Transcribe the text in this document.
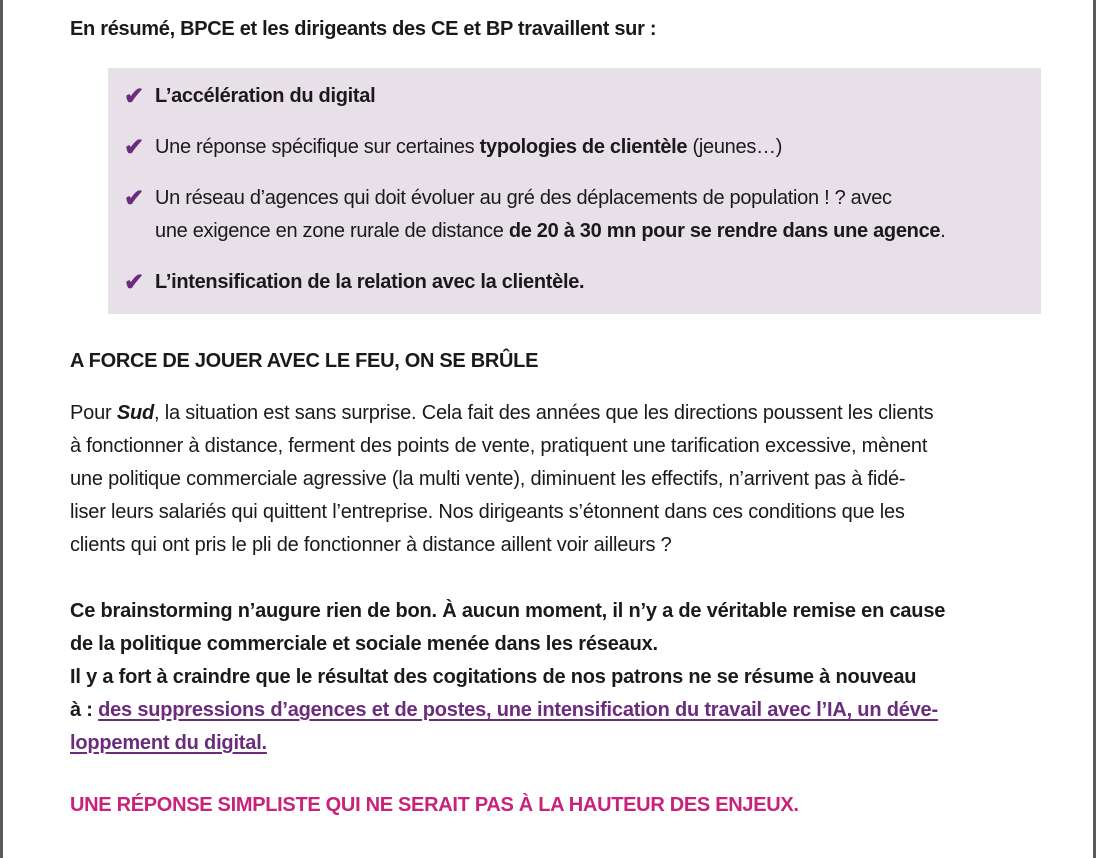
En résumé, BPCE et les dirigeants des CE et BP travaillent sur :
✔ L’accélération du digital
✔ Une réponse spécifique sur certaines typologies de clientèle (jeunes…)
✔ Un réseau d’agences qui doit évoluer au gré des déplacements de population ! ? avec
une exigence en zone rurale de distance de 20 à 30 mn pour se rendre dans une agence.
✔ L’intensification de la relation avec la clientèle.
A FORCE DE JOUER AVEC LE FEU, ON SE BRÛLE
Pour Sud, la situation est sans surprise. Cela fait des années que les directions poussent les clients
à fonctionner à distance, ferment des points de vente, pratiquent une tarification excessive, mènent
une politique commerciale agressive (la multi vente), diminuent les effectifs, n’arrivent pas à fidé-
liser leurs salariés qui quittent l’entreprise. Nos dirigeants s’étonnent dans ces conditions que les
clients qui ont pris le pli de fonctionner à distance aillent voir ailleurs ?
Ce brainstorming n’augure rien de bon. À aucun moment, il n’y a de véritable remise en cause
de la politique commerciale et sociale menée dans les réseaux.
Il y a fort à craindre que le résultat des cogitations de nos patrons ne se résume à nouveau
à : des suppressions d’agences et de postes, une intensification du travail avec l’IA, un déve-
loppement du digital.
UNE RÉPONSE SIMPLISTE QUI NE SERAIT PAS À LA HAUTEUR DES ENJEUX.
